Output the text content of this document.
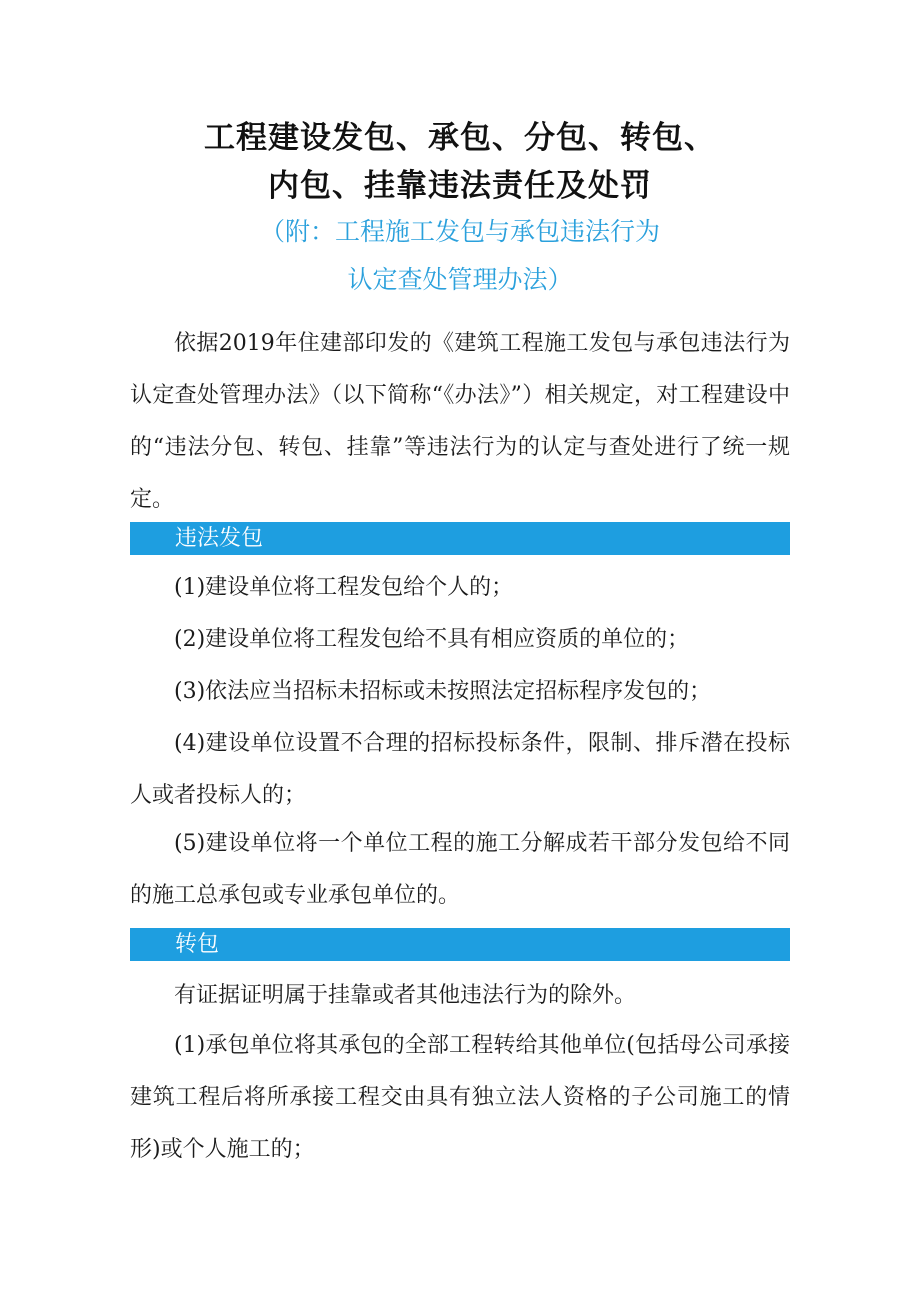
工程建设发包、承包、分包、转包、
内包、挂靠违法责任及处罚
（附：工程施工发包与承包违法行为
认定查处管理办法）
依据2019年住建部印发的《建筑工程施工发包与承包违法行为认定查处管理办法》（以下简称“《办法》”）相关规定，对工程建设中的“违法分包、转包、挂靠”等违法行为的认定与查处进行了统一规定。
违法发包
(1)建设单位将工程发包给个人的；
(2)建设单位将工程发包给不具有相应资质的单位的；
(3)依法应当招标未招标或未按照法定招标程序发包的；
(4)建设单位设置不合理的招标投标条件，限制、排斥潜在投标人或者投标人的；
(5)建设单位将一个单位工程的施工分解成若干部分发包给不同的施工总承包或专业承包单位的。
转包
有证据证明属于挂靠或者其他违法行为的除外。
(1)承包单位将其承包的全部工程转给其他单位(包括母公司承接建筑工程后将所承接工程交由具有独立法人资格的子公司施工的情形)或个人施工的；
